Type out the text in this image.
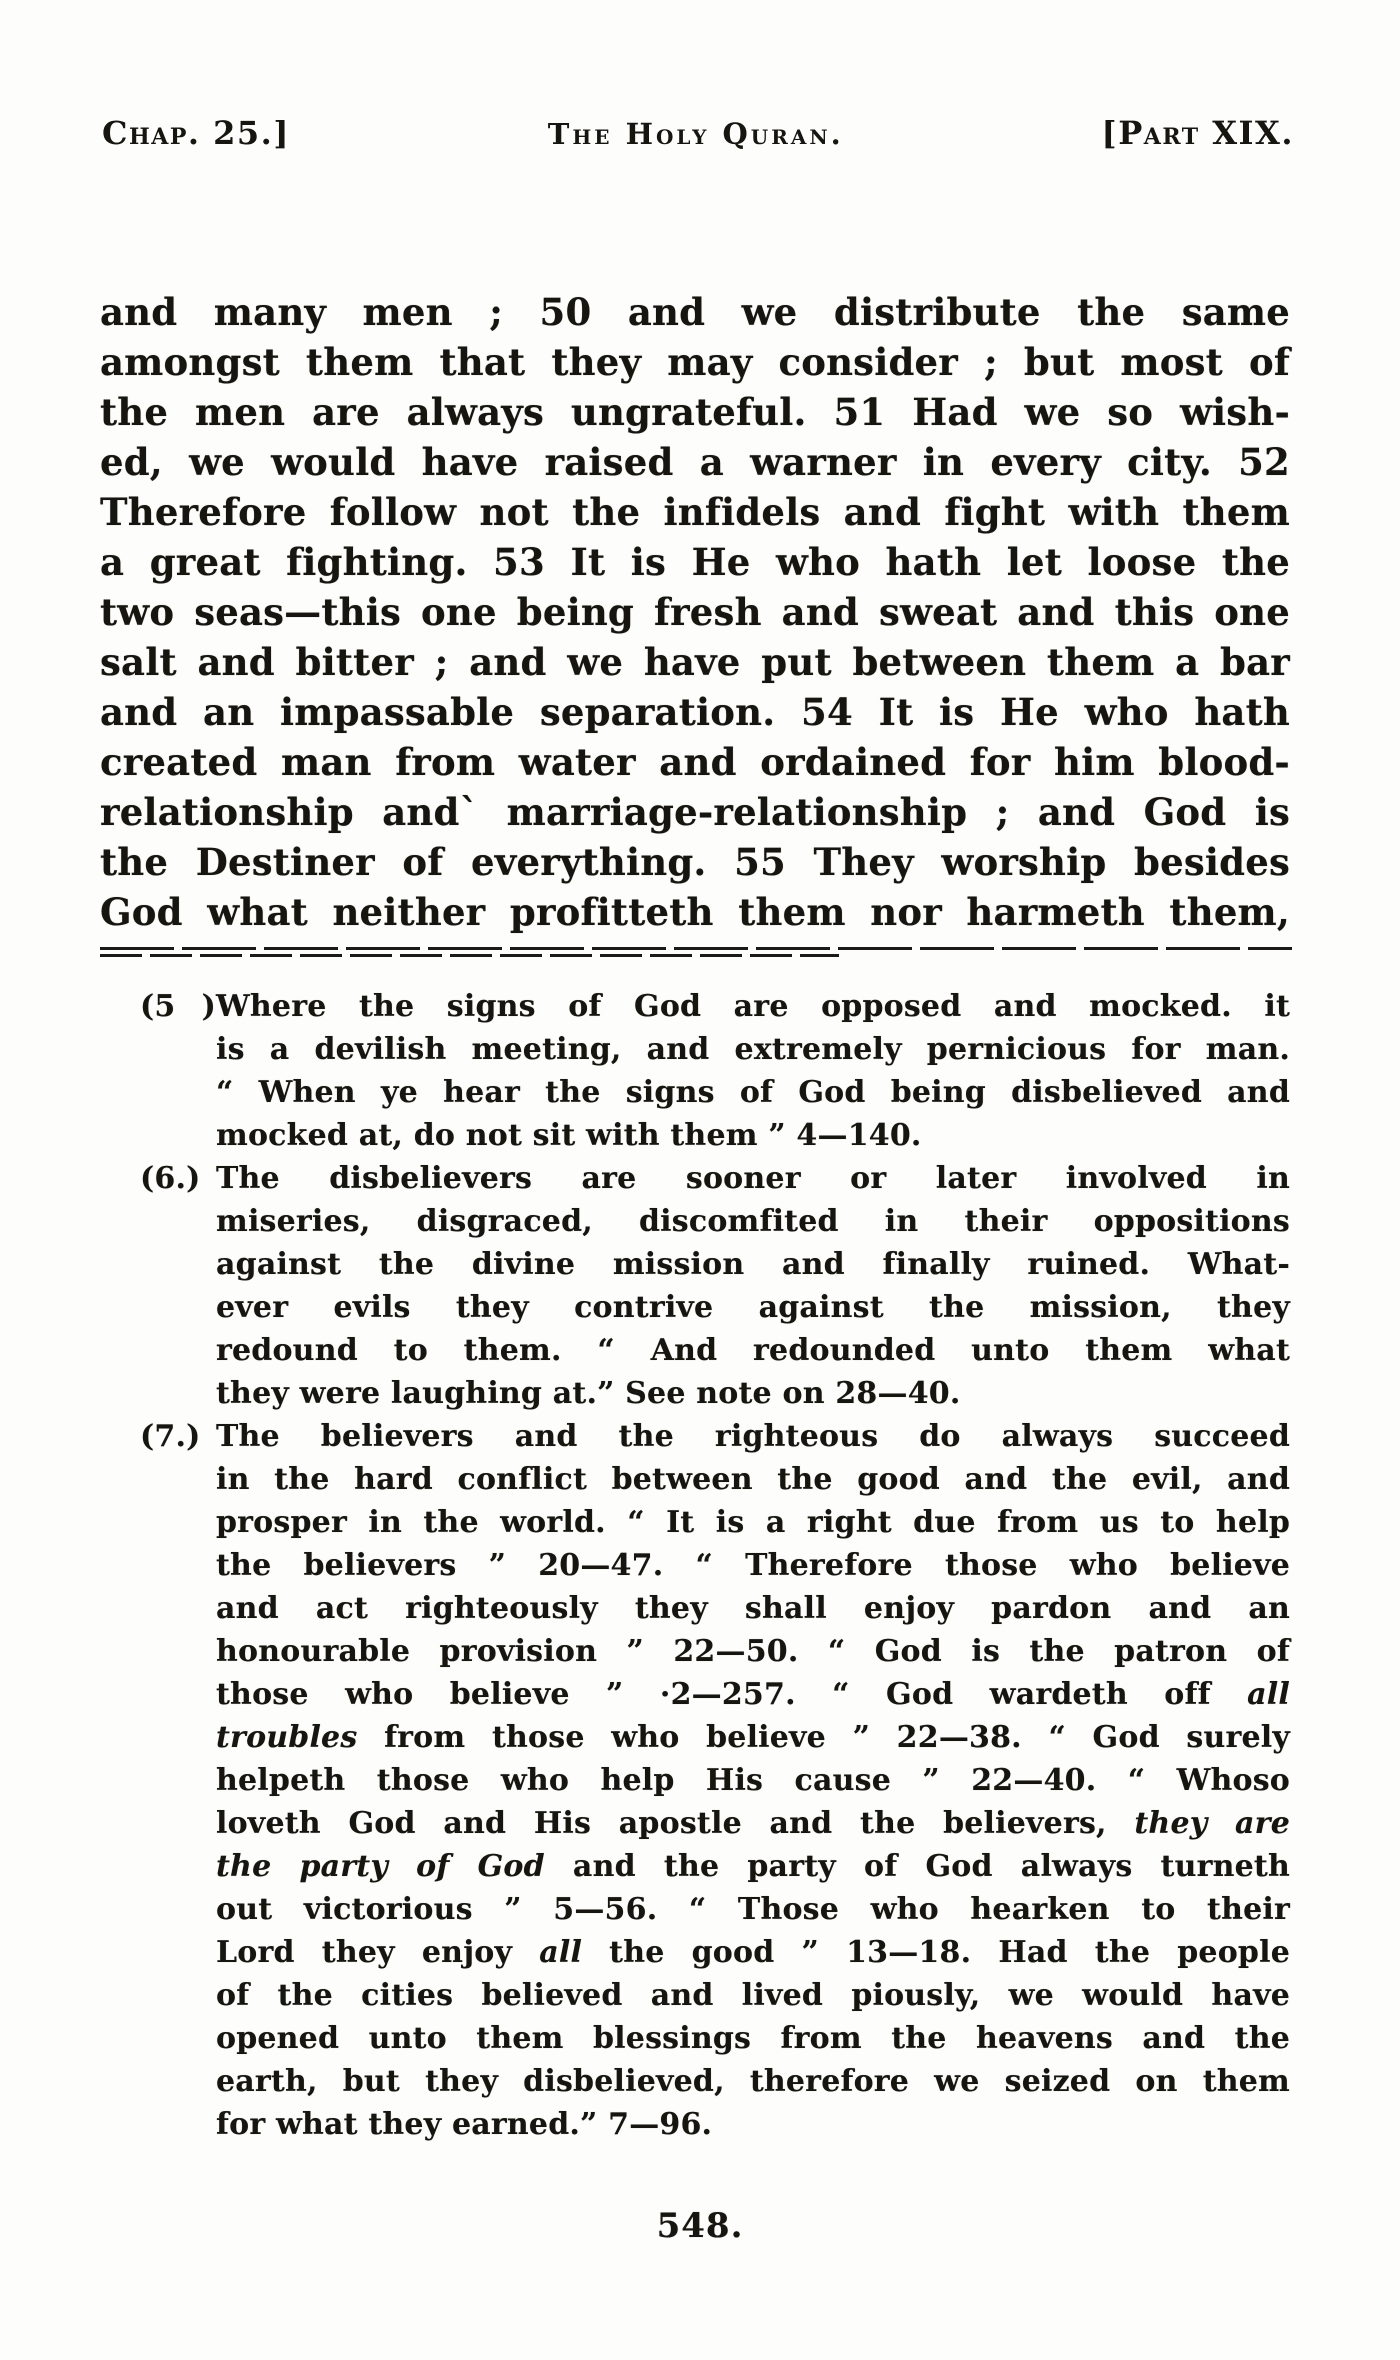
Chap. 25.]	The Holy Quran.	[Part XIX.
and many men ; 50 and we distribute the same
amongst them that they may consider ; but most of
the men are always ungrateful. 51 Had we so wish-
ed, we would have raised a warner in every city. 52
Therefore follow not the infidels and fight with them
a great fighting. 53 It is He who hath let loose the
two seas—this one being fresh and sweat and this one
salt and bitter ; and we have put between them a bar
and an impassable separation. 54 It is He who hath
created man from water and ordained for him blood-
relationship and` marriage-relationship ; and God is
the Destiner of everything. 55 They worship besides
God what neither profitteth them nor harmeth them,
(5 )Where the signs of God are opposed and mocked. it
is a devilish meeting, and extremely pernicious for man.
“ When ye hear the signs of God being disbelieved and
mocked at, do not sit with them ” 4—140.
(6.) The disbelievers are sooner or later involved in
miseries, disgraced, discomfited in their oppositions
against the divine mission and finally ruined. What-
ever evils they contrive against the mission, they
redound to them. “ And redounded unto them what
they were laughing at.” See note on 28—40.
(7.) The believers and the righteous do always succeed
in the hard conflict between the good and the evil, and
prosper in the world. “ It is a right due from us to help
the believers ” 20—47. “ Therefore those who believe
and act righteously they shall enjoy pardon and an
honourable provision ” 22—50. “ God is the patron of
those who believe ” ·2—257. “ God wardeth off all
troubles from those who believe ” 22—38. “ God surely
helpeth those who help His cause ” 22—40. “ Whoso
loveth God and His apostle and the believers, they are
the party of God and the party of God always turneth
out victorious ” 5—56. “ Those who hearken to their
Lord they enjoy all the good ” 13—18. Had the people
of the cities believed and lived piously, we would have
opened unto them blessings from the heavens and the
earth, but they disbelieved, therefore we seized on them
for what they earned.” 7—96.
548.
